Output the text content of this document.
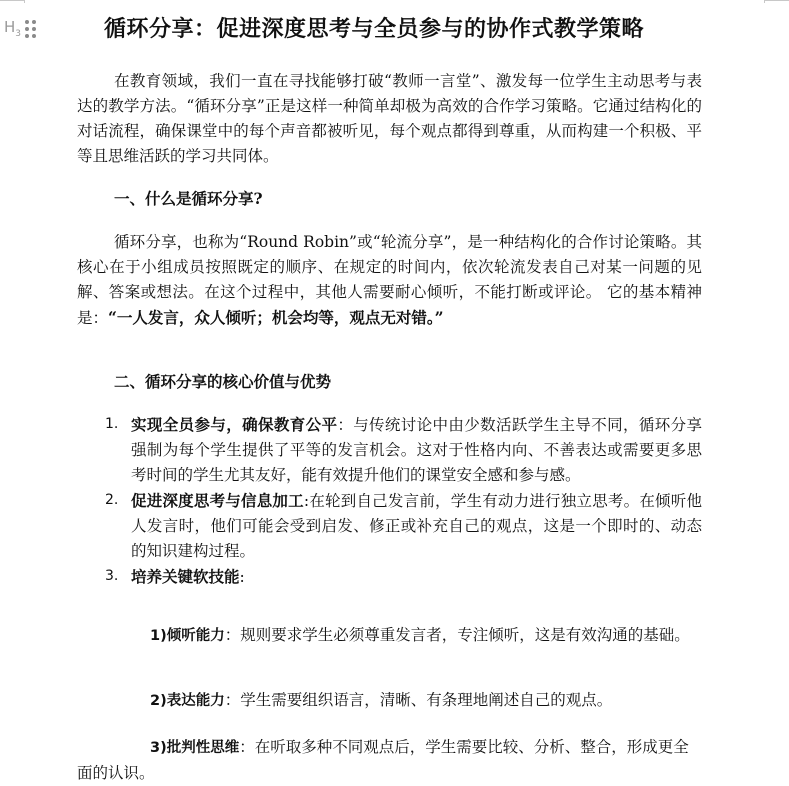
$H_3$	循环分享：促进深度思考与全员参与的协作式教学策略

在教育领域，我们一直在寻找能够打破“教师一言堂”、激发每一位学生主动思考与表达的教学方法。“循环分享”正是这样一种简单却极为高效的合作学习策略。它通过结构化的对话流程，确保课堂中的每个声音都被听见，每个观点都得到尊重，从而构建一个积极、平等且思维活跃的学习共同体。

一、什么是循环分享?

循环分享，也称为“Round Robin”或“轮流分享”，是一种结构化的合作讨论策略。其核心在于小组成员按照既定的顺序、在规定的时间内，依次轮流发表自己对某一问题的见解、答案或想法。在这个过程中，其他人需要耐心倾听，不能打断或评论。 它的基本精神是：“一人发言，众人倾听；机会均等，观点无对错。”

二、循环分享的核心价值与优势

1. 实现全员参与，确保教育公平：与传统讨论中由少数活跃学生主导不同，循环分享强制为每个学生提供了平等的发言机会。这对于性格内向、不善表达或需要更多思考时间的学生尤其友好，能有效提升他们的课堂安全感和参与感。
2. 促进深度思考与信息加工:在轮到自己发言前，学生有动力进行独立思考。在倾听他人发言时，他们可能会受到启发、修正或补充自己的观点，这是一个即时的、动态的知识建构过程。
3. 培养关键软技能:

1)倾听能力：规则要求学生必须尊重发言者，专注倾听，这是有效沟通的基础。

2)表达能力：学生需要组织语言，清晰、有条理地阐述自己的观点。

3)批判性思维：在听取多种不同观点后，学生需要比较、分析、整合，形成更全面的认识。
